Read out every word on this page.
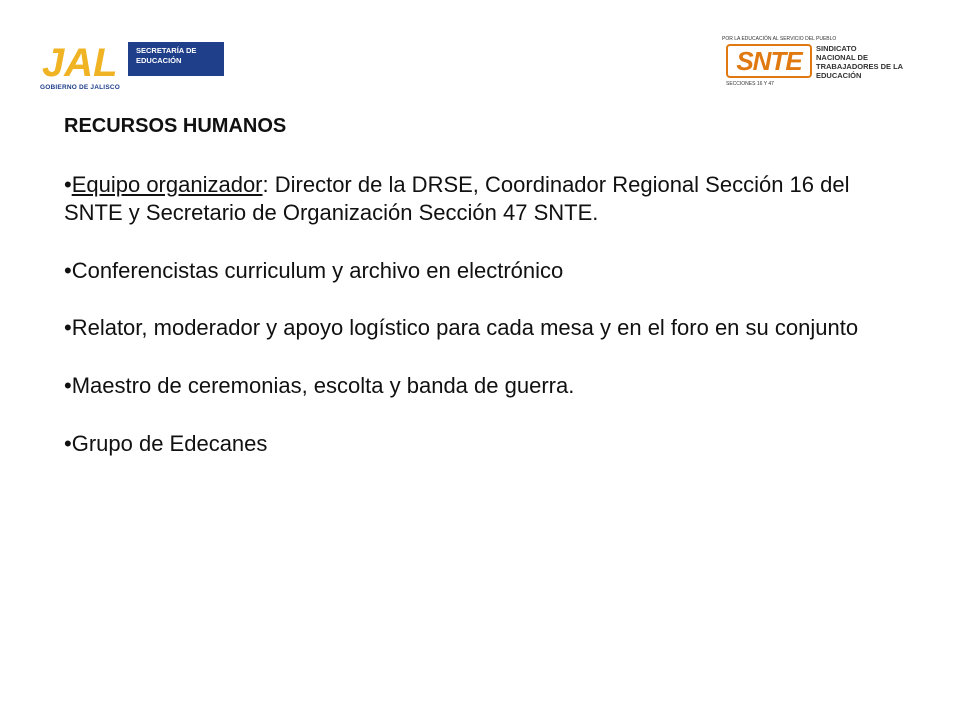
JAL SECRETARÍA DE
EDUCACIÓN
GOBIERNO DE JALISCO
POR LA EDUCACIÓN AL SERVICIO DEL PUEBLO
SNTE	SINDICATO
NACIONAL DE
TRABAJADORES DE LA
EDUCACIÓN
SECCIONES 16 Y 47
RECURSOS HUMANOS
•Equipo organizador: Director de la DRSE, Coordinador Regional Sección 16 del SNTE y Secretario de Organización Sección 47 SNTE.
•Conferencistas curriculum y archivo en electrónico
•Relator, moderador y apoyo logístico para cada mesa y en el foro en su conjunto
•Maestro de ceremonias, escolta y banda de guerra.
•Grupo de Edecanes
